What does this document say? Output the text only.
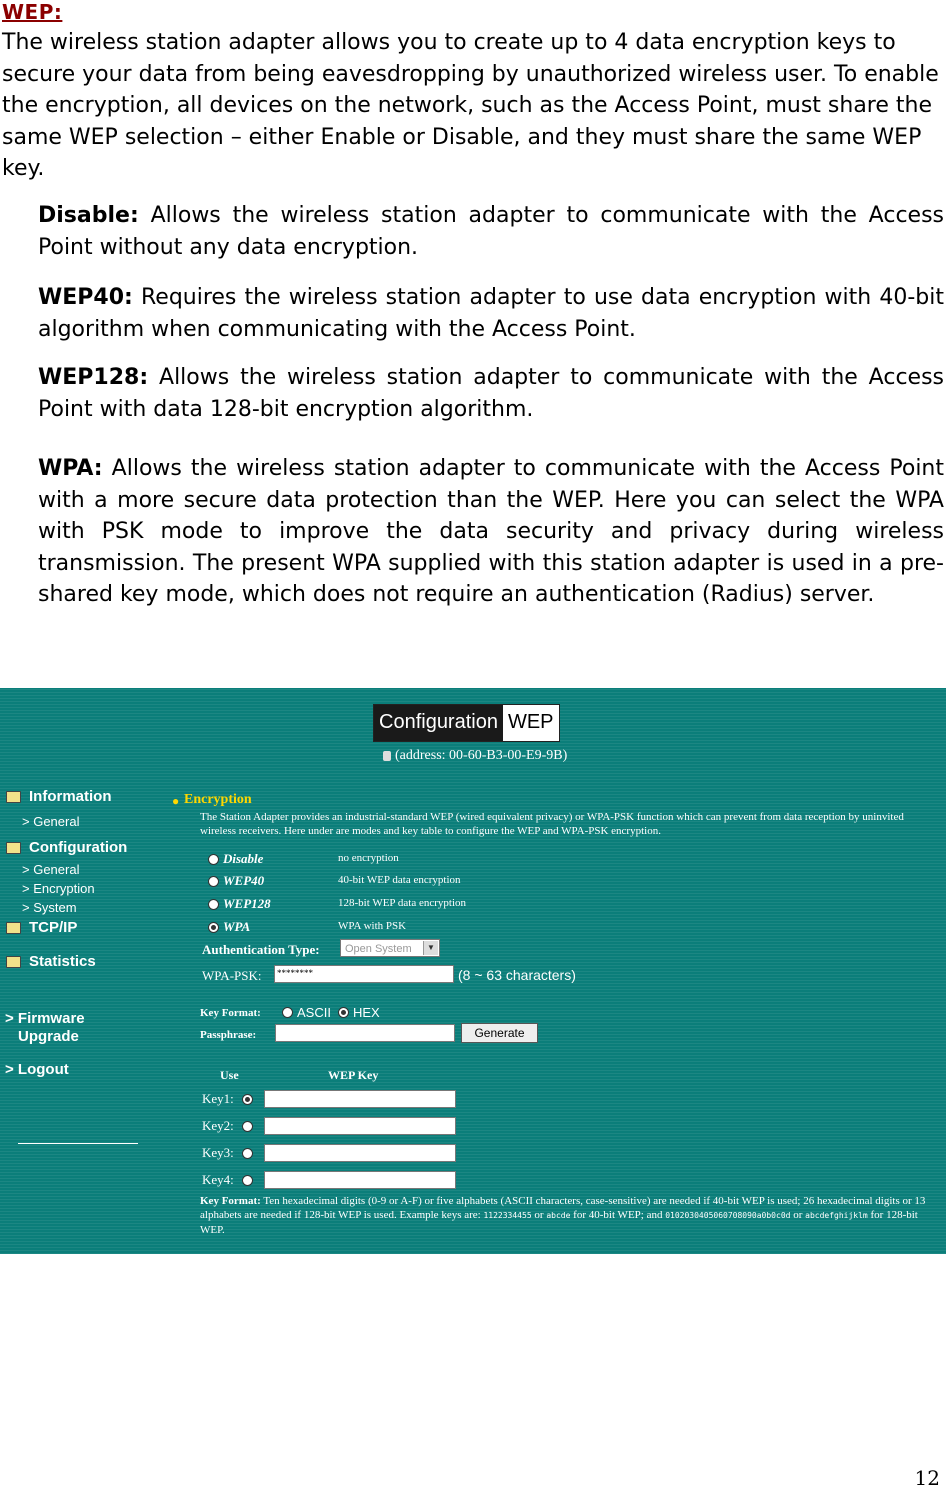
WEP:
The wireless station adapter allows you to create up to 4 data encryption keys to secure your data from being eavesdropping by unauthorized wireless user. To enable the encryption, all devices on the network, such as the Access Point, must share the same WEP selection – either Enable or Disable, and they must share the same WEP key.
Disable: Allows the wireless station adapter to communicate with the Access Point without any data encryption.
WEP40: Requires the wireless station adapter to use data encryption with 40-bit algorithm when communicating with the Access Point.
WEP128: Allows the wireless station adapter to communicate with the Access Point with data 128-bit encryption algorithm.
WPA: Allows the wireless station adapter to communicate with the Access Point with a more secure data protection than the WEP. Here you can select the WPA with PSK mode to improve the data security and privacy during wireless transmission. The present WPA supplied with this station adapter is used in a pre-shared key mode, which does not require an authentication (Radius) server.
Configuration WEP
(address: 00-60-B3-00-E9-9B)
Information
> General
Configuration
> General
> Encryption
> System
TCP/IP
Statistics
> Firmware
Upgrade
> Logout
● Encryption
The Station Adapter provides an industrial-standard WEP (wired equivalent privacy) or WPA-PSK function which can prevent from data reception by uninvited wireless receivers. Here under are modes and key table to configure the WEP and WPA-PSK encryption.
Disable	no encryption
WEP40	40-bit WEP data encryption
WEP128	128-bit WEP data encryption
WPA	WPA with PSK
Authentication Type:	Open System	▼
WPA-PSK:	********	(8 ~ 63 characters)
Key Format:	ASCII HEX
Passphrase:	Generate
Use	WEP Key
Key1:
Key2:
Key3:
Key4:
Key Format: Ten hexadecimal digits (0-9 or A-F) or five alphabets (ASCII characters, case-sensitive) are needed if 40-bit WEP is used; 26 hexadecimal digits or 13 alphabets are needed if 128-bit WEP is used. Example keys are: 1122334455 or abcde for 40-bit WEP; and 0102030405060708090a0b0c0d or abcdefghijklm for 128-bit WEP.
12
